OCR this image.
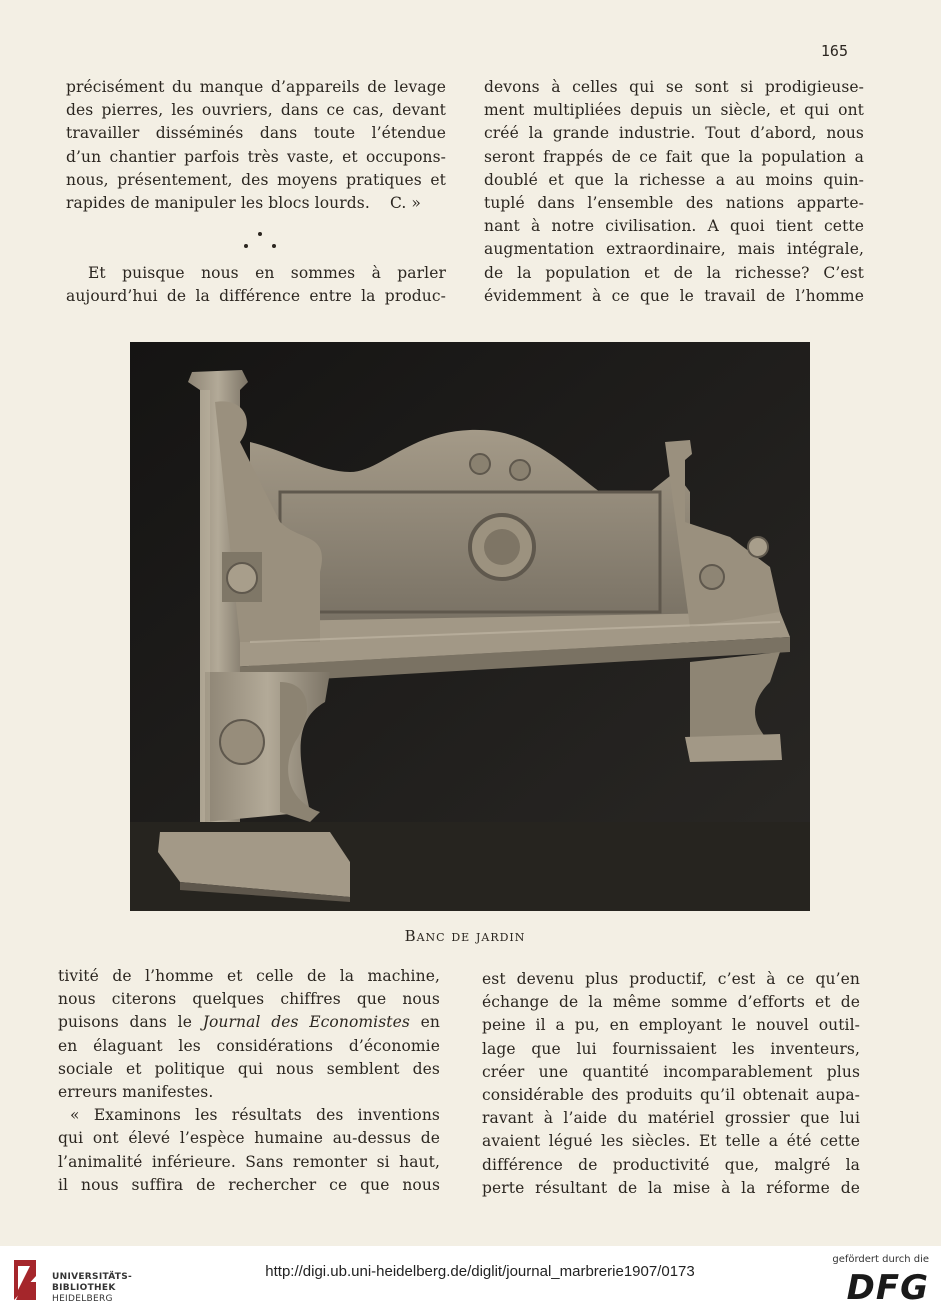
165

précisément du manque d’appareils de levage

des pierres, les ouvriers, dans ce cas, devant

travailler disséminés dans toute l’étendue

d’un chantier parfois très vaste, et occupons-

nous, présentement, des moyens pratiques et

rapides de manipuler les blocs lourds.    C. »

Et puisque nous en sommes à parler

aujourd’hui de la différence entre la produc-

devons à celles qui se sont si prodigieuse-

ment multipliées depuis un siècle, et qui ont

créé la grande industrie. Tout d’abord, nous

seront frappés de ce fait que la population a

doublé et que la richesse a au moins quin-

tuplé dans l’ensemble des nations apparte-

nant à notre civilisation. A quoi tient cette

augmentation extraordinaire, mais intégrale,

de la population et de la richesse? C’est

évidemment à ce que le travail de l’homme

Banc de jardin

tivité de l’homme et celle de la machine,

nous citerons quelques chiffres que nous

puisons dans le Journal des Economistes en

en élaguant les considérations d’économie

sociale et politique qui nous semblent des

erreurs manifestes.

« Examinons les résultats des inventions

qui ont élevé l’espèce humaine au-dessus de

l’animalité inférieure. Sans remonter si haut,

il nous suffira de rechercher ce que nous

est devenu plus productif, c’est à ce qu’en

échange de la même somme d’efforts et de

peine il a pu, en employant le nouvel outil-

lage que lui fournissaient les inventeurs,

créer une quantité incomparablement plus

considérable des produits qu’il obtenait aupa-

ravant à l’aide du matériel grossier que lui

avaient légué les siècles. Et telle a été cette

différence de productivité que, malgré la

perte résultant de la mise à la réforme de

UNIVERSITÄTS-
BIBLIOTHEK
HEIDELBERG
http://digi.ub.uni-heidelberg.de/diglit/journal_marbrerie1907/0173
gefördert durch die
DFG
